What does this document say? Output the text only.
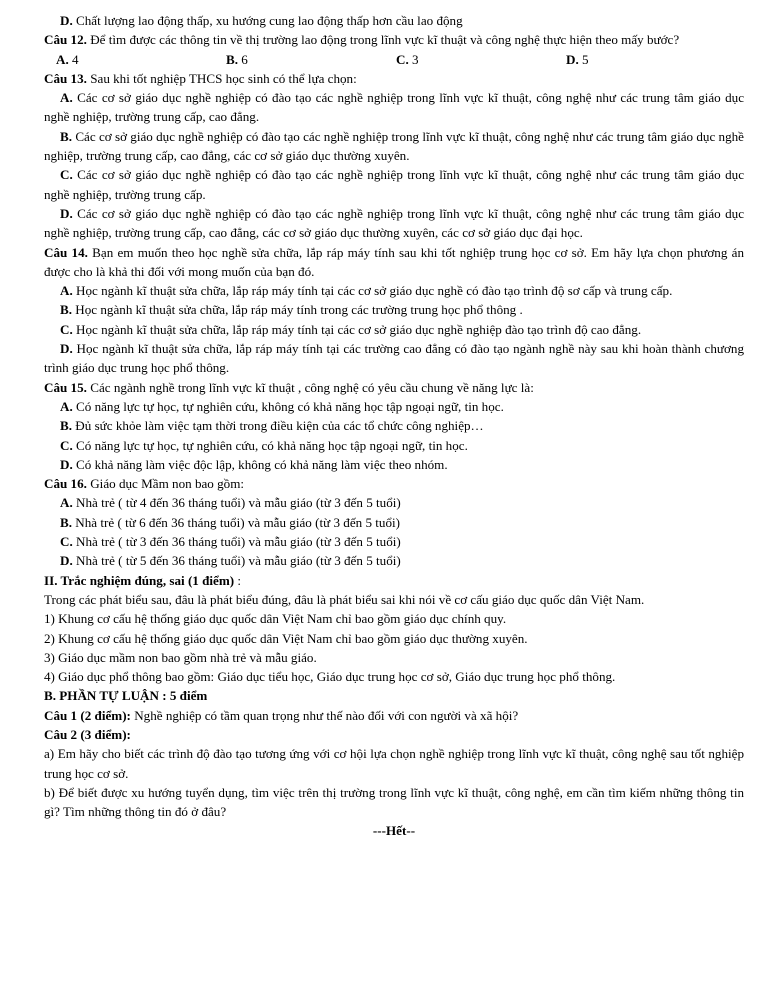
D. Chất lượng lao động thấp, xu hướng cung lao động thấp hơn cầu lao động
Câu 12. Để tìm được các thông tin về thị trường lao động trong lĩnh vực kĩ thuật và công nghệ thực hiện theo mấy bước?
A. 4	B. 6	C. 3	D. 5
Câu 13. Sau khi tốt nghiệp THCS học sinh có thể lựa chọn:
A. Các cơ sở giáo dục nghề nghiệp có đào tạo các nghề nghiệp trong lĩnh vực kĩ thuật, công nghệ như các trung tâm giáo dục nghề nghiệp, trường trung cấp, cao đẳng.
B. Các cơ sở giáo dục nghề nghiệp có đào tạo các nghề nghiệp trong lĩnh vực kĩ thuật, công nghệ như các trung tâm giáo dục nghề nghiệp, trường trung cấp, cao đẳng, các cơ sở giáo dục thường xuyên.
C. Các cơ sở giáo dục nghề nghiệp có đào tạo các nghề nghiệp trong lĩnh vực kĩ thuật, công nghệ như các trung tâm giáo dục nghề nghiệp, trường trung cấp.
D. Các cơ sở giáo dục nghề nghiệp có đào tạo các nghề nghiệp trong lĩnh vực kĩ thuật, công nghệ như các trung tâm giáo dục nghề nghiệp, trường trung cấp, cao đẳng, các cơ sở giáo dục thường xuyên, các cơ sở giáo dục đại học.
Câu 14. Bạn em muốn theo học nghề sửa chữa, lắp ráp máy tính sau khi tốt nghiệp trung học cơ sở. Em hãy lựa chọn phương án được cho là khả thi đối với mong muốn của bạn đó.
A. Học ngành kĩ thuật sửa chữa, lắp ráp máy tính tại các cơ sở giáo dục nghề có đào tạo trình độ sơ cấp và trung cấp.
B. Học ngành kĩ thuật sửa chữa, lắp ráp máy tính trong các trường trung học phổ thông .
C. Học ngành kĩ thuật sửa chữa, lắp ráp máy tính tại các cơ sở giáo dục nghề nghiệp đào tạo trình độ cao đẳng.
D. Học ngành kĩ thuật sửa chữa, lắp ráp máy tính tại các trường cao đẳng có đào tạo ngành nghề này sau khi hoàn thành chương trình giáo dục trung học phổ thông.
Câu 15. Các ngành nghề trong lĩnh vực kĩ thuật , công nghệ có yêu cầu chung về năng lực là:
A. Có năng lực tự học, tự nghiên cứu, không có khả năng học tập ngoại ngữ, tin học.
B. Đủ sức khỏe làm việc tạm thời trong điều kiện của các tổ chức công nghiệp…
C. Có năng lực tự học, tự nghiên cứu, có khả năng học tập ngoại ngữ, tin học.
D. Có khả năng làm việc độc lập, không có khả năng làm việc theo nhóm.
Câu 16. Giáo dục Mầm non bao gồm:
A. Nhà trẻ ( từ 4 đến 36 tháng tuổi) và mẫu giáo (từ 3 đến 5 tuổi)
B. Nhà trẻ ( từ 6 đến 36 tháng tuổi) và mẫu giáo (từ 3 đến 5 tuổi)
C. Nhà trẻ ( từ 3 đến 36 tháng tuổi) và mẫu giáo (từ 3 đến 5 tuổi)
D. Nhà trẻ ( từ 5 đến 36 tháng tuổi) và mẫu giáo (từ 3 đến 5 tuổi)
II. Trắc nghiệm đúng, sai (1 điểm) :
Trong các phát biểu sau, đâu là phát biểu đúng, đâu là phát biểu sai khi nói về cơ cấu giáo dục quốc dân Việt Nam.
1) Khung cơ cấu hệ thống giáo dục quốc dân Việt Nam chỉ bao gồm giáo dục chính quy.
2) Khung cơ cấu hệ thống giáo dục quốc dân Việt Nam chỉ bao gồm giáo dục thường xuyên.
3) Giáo dục mầm non bao gồm nhà trẻ và mẫu giáo.
4) Giáo dục phổ thông bao gồm: Giáo dục tiểu học, Giáo dục trung học cơ sở, Giáo dục trung học phổ thông.
B. PHẦN TỰ LUẬN : 5 điểm
Câu 1 (2 điểm): Nghề nghiệp có tầm quan trọng như thế nào đối với con người và xã hội?
Câu 2 (3 điểm):
a) Em hãy cho biết các trình độ đào tạo tương ứng với cơ hội lựa chọn nghề nghiệp trong lĩnh vực kĩ thuật, công nghệ sau tốt nghiệp trung học cơ sở.
b) Để biết được xu hướng tuyển dụng, tìm việc trên thị trường trong lĩnh vực kĩ thuật, công nghệ, em cần tìm kiếm những thông tin gì? Tìm những thông tin đó ở đâu?
---Hết--
